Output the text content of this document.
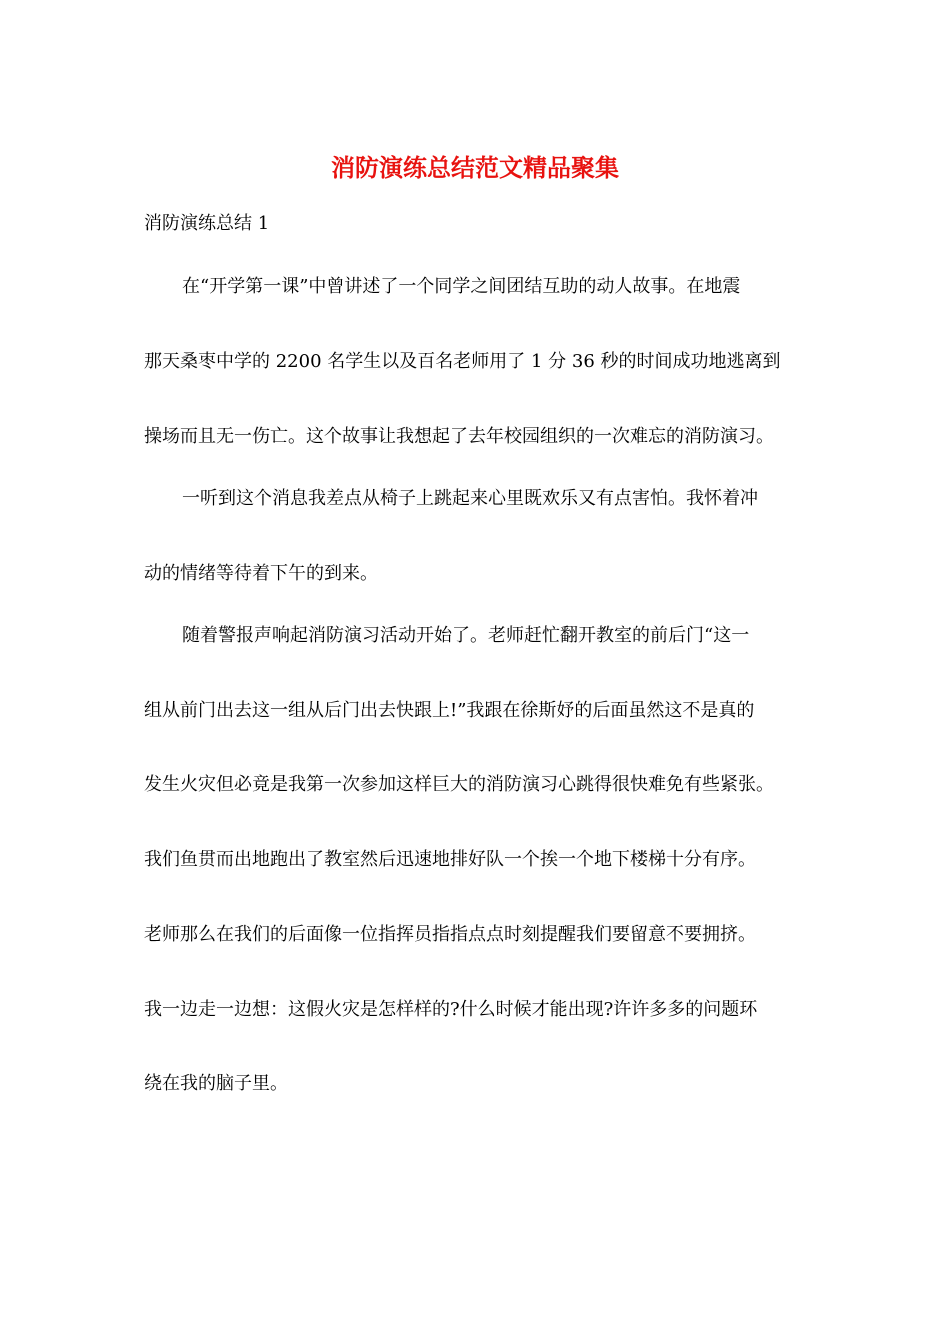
消防演练总结范文精品聚集
消防演练总结 1
在“开学第一课”中曾讲述了一个同学之间团结互助的动人故事。在地震
那天桑枣中学的 2200 名学生以及百名老师用了 1 分 36 秒的时间成功地逃离到
操场而且无一伤亡。这个故事让我想起了去年校园组织的一次难忘的消防演习。
一听到这个消息我差点从椅子上跳起来心里既欢乐又有点害怕。我怀着冲
动的情绪等待着下午的到来。
随着警报声响起消防演习活动开始了。老师赶忙翻开教室的前后门“这一
组从前门出去这一组从后门出去快跟上!”我跟在徐斯妤的后面虽然这不是真的
发生火灾但必竟是我第一次参加这样巨大的消防演习心跳得很快难免有些紧张。
我们鱼贯而出地跑出了教室然后迅速地排好队一个挨一个地下楼梯十分有序。
老师那么在我们的后面像一位指挥员指指点点时刻提醒我们要留意不要拥挤。
我一边走一边想：这假火灾是怎样样的?什么时候才能出现?许许多多的问题环
绕在我的脑子里。
